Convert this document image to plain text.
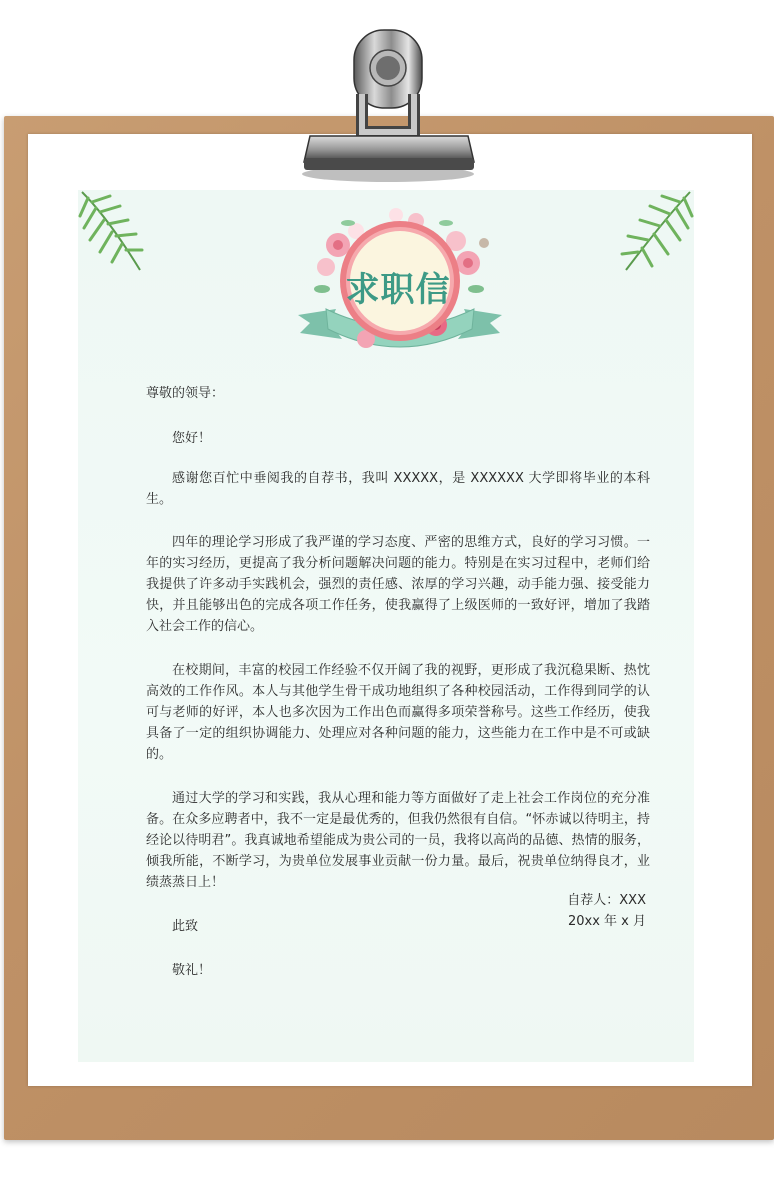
求职信

尊敬的领导：

您好！

感谢您百忙中垂阅我的自荐书，我叫 XXXXX，是 XXXXXX 大学即将毕业的本科生。

四年的理论学习形成了我严谨的学习态度、严密的思维方式，良好的学习习惯。一年的实习经历，更提高了我分析问题解决问题的能力。特别是在实习过程中，老师们给我提供了许多动手实践机会，强烈的责任感、浓厚的学习兴趣，动手能力强、接受能力快，并且能够出色的完成各项工作任务，使我赢得了上级医师的一致好评，增加了我踏入社会工作的信心。

在校期间，丰富的校园工作经验不仅开阔了我的视野，更形成了我沉稳果断、热忱高效的工作作风。本人与其他学生骨干成功地组织了各种校园活动，工作得到同学的认可与老师的好评，本人也多次因为工作出色而赢得多项荣誉称号。这些工作经历，使我具备了一定的组织协调能力、处理应对各种问题的能力，这些能力在工作中是不可或缺的。

通过大学的学习和实践，我从心理和能力等方面做好了走上社会工作岗位的充分准备。在众多应聘者中，我不一定是最优秀的，但我仍然很有自信。“怀赤诚以待明主，持经论以待明君”。我真诚地希望能成为贵公司的一员，我将以高尚的品德、热情的服务，倾我所能，不断学习，为贵单位发展事业贡献一份力量。最后，祝贵单位纳得良才，业绩蒸蒸日上！

此致

敬礼！

自荐人：XXX
20xx 年 x 月
